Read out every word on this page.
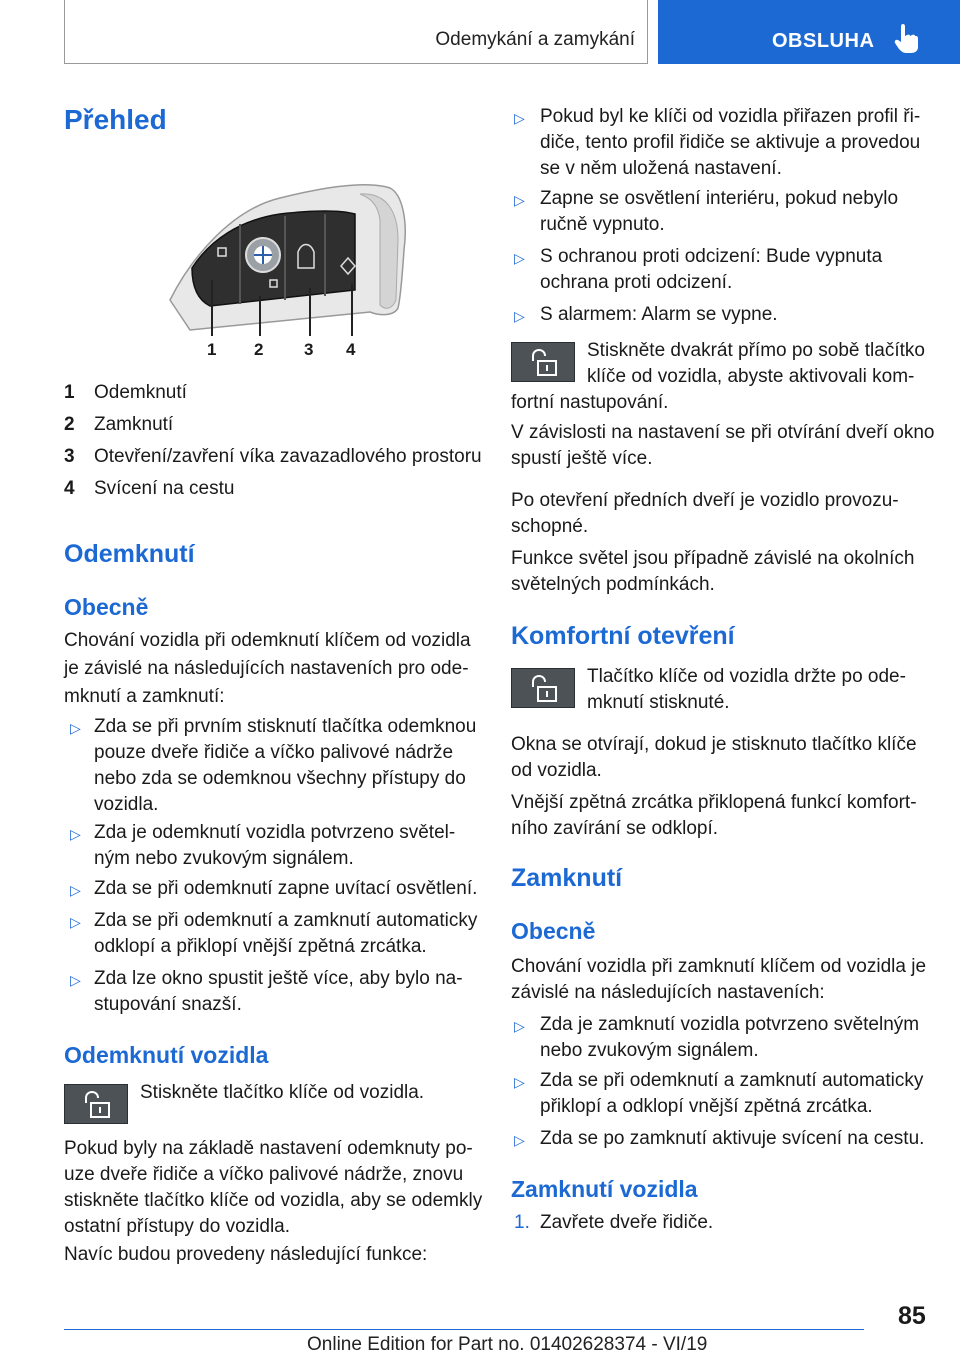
Odemykání a zamykání	OBSLUHA
Přehled
1 2 3 4
1 Odemknutí
2 Zamknutí
3 Otevření/zavření víka zavazadlového prostoru
4 Svícení na cestu
Odemknutí
Obecně
Chování vozidla při odemknutí klíčem od vozidla
je závislé na následujících nastaveních pro ode-
mknutí a zamknutí:
▷ Zda se při prvním stisknutí tlačítka odemknou
pouze dveře řidiče a víčko palivové nádrže
nebo zda se odemknou všechny přístupy do
vozidla.
▷ Zda je odemknutí vozidla potvrzeno světel-
ným nebo zvukovým signálem.
▷ Zda se při odemknutí zapne uvítací osvětlení.
▷ Zda se při odemknutí a zamknutí automaticky
odklopí a přiklopí vnější zpětná zrcátka.
▷ Zda lze okno spustit ještě více, aby bylo na-
stupování snazší.
Odemknutí vozidla
Stiskněte tlačítko klíče od vozidla.
Pokud byly na základě nastavení odemknuty po-
uze dveře řidiče a víčko palivové nádrže, znovu
stiskněte tlačítko klíče od vozidla, aby se odemkly
ostatní přístupy do vozidla.
Navíc budou provedeny následující funkce:
▷ Pokud byl ke klíči od vozidla přiřazen profil ři-
diče, tento profil řidiče se aktivuje a provedou
se v něm uložená nastavení.
▷ Zapne se osvětlení interiéru, pokud nebylo
ručně vypnuto.
▷ S ochranou proti odcizení: Bude vypnuta
ochrana proti odcizení.
▷ S alarmem: Alarm se vypne.
Stiskněte dvakrát přímo po sobě tlačítko
klíče od vozidla, abyste aktivovali kom-
fortní nastupování.
V závislosti na nastavení se při otvírání dveří okno
spustí ještě více.
Po otevření předních dveří je vozidlo provozu-
schopné.
Funkce světel jsou případně závislé na okolních
světelných podmínkách.
Komfortní otevření
Tlačítko klíče od vozidla držte po ode-
mknutí stisknuté.
Okna se otvírají, dokud je stisknuto tlačítko klíče
od vozidla.
Vnější zpětná zrcátka přiklopená funkcí komfort-
ního zavírání se odklopí.
Zamknutí
Obecně
Chování vozidla při zamknutí klíčem od vozidla je
závislé na následujících nastaveních:
▷ Zda je zamknutí vozidla potvrzeno světelným
nebo zvukovým signálem.
▷ Zda se při odemknutí a zamknutí automaticky
přiklopí a odklopí vnější zpětná zrcátka.
▷ Zda se po zamknutí aktivuje svícení na cestu.
Zamknutí vozidla
1. Zavřete dveře řidiče.
85
Online Edition for Part no. 01402628374 - VI/19
